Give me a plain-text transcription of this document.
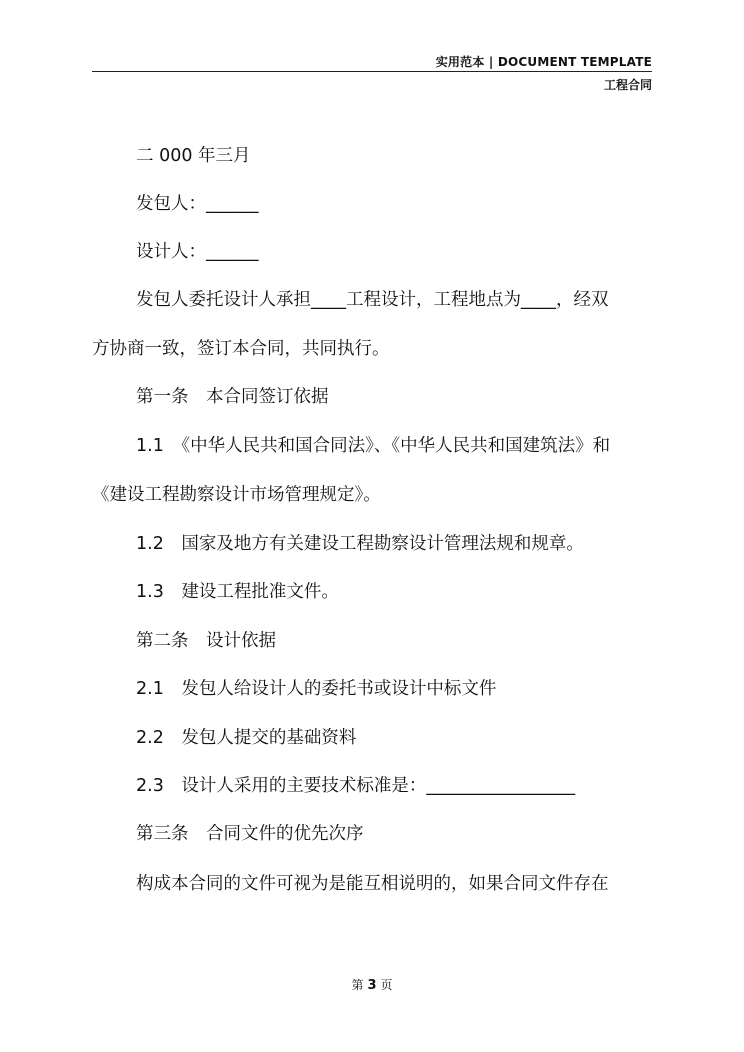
实用范本 | DOCUMENT TEMPLATE
工程合同
二 000 年三月
发包人：______
设计人：______
发包人委托设计人承担____工程设计，工程地点为____，经双
方协商一致，签订本合同，共同执行。
第一条　本合同签订依据
1.1　《中华人民共和国合同法》、《中华人民共和国建筑法》和
《建设工程勘察设计市场管理规定》。
1.2　国家及地方有关建设工程勘察设计管理法规和规章。
1.3　建设工程批准文件。
第二条　设计依据
2.1　发包人给设计人的委托书或设计中标文件
2.2　发包人提交的基础资料
2.3　设计人采用的主要技术标准是：_________________
第三条　合同文件的优先次序
构成本合同的文件可视为是能互相说明的，如果合同文件存在
第 3 页
